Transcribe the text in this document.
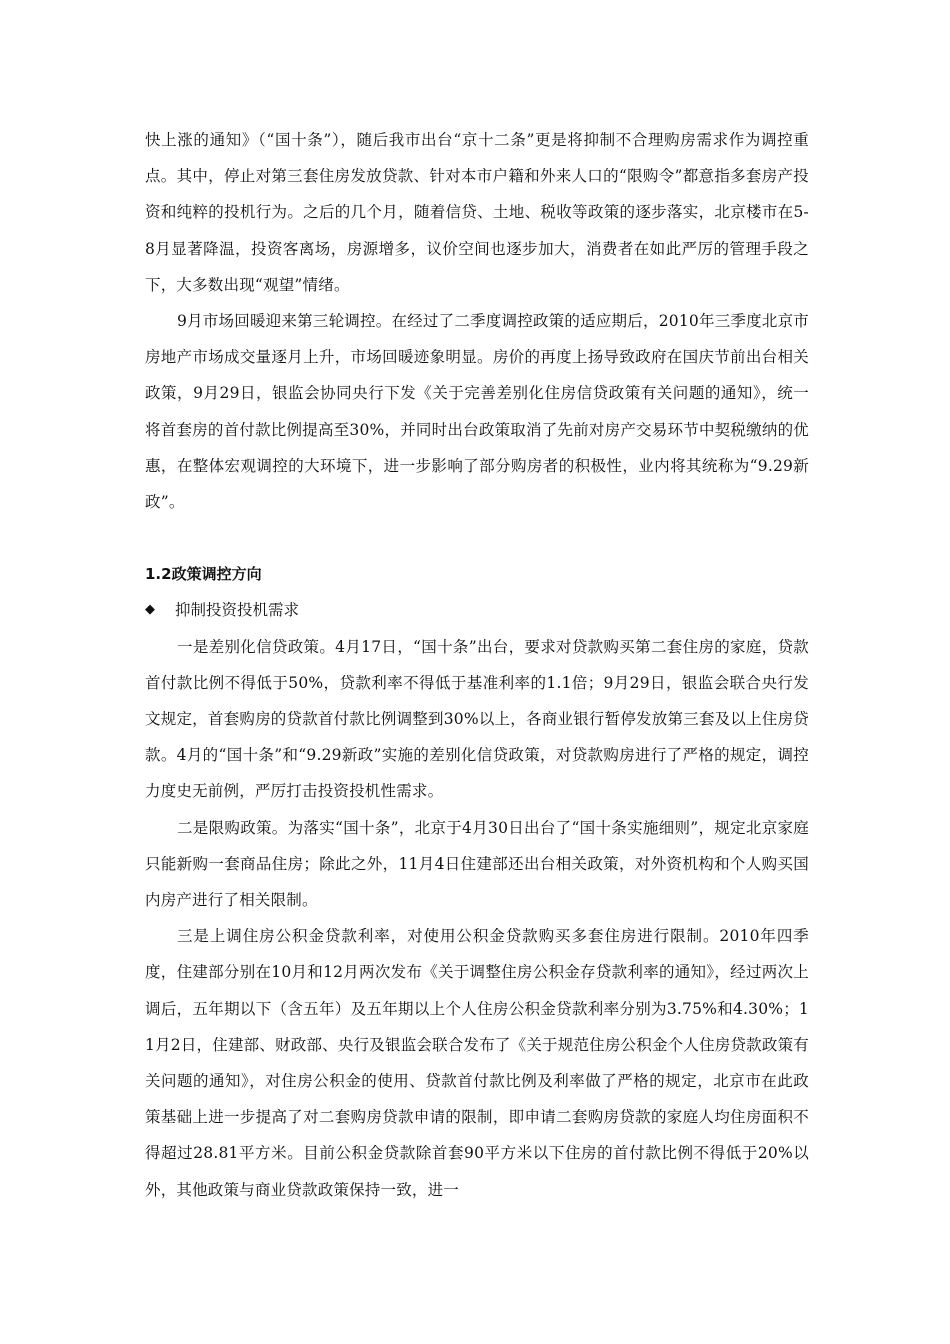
快上涨的通知》（“国十条”），随后我市出台“京十二条”更是将抑制不合理购房需求作为调控重点。其中，停止对第三套住房发放贷款、针对本市户籍和外来人口的“限购令”都意指多套房产投资和纯粹的投机行为。之后的几个月，随着信贷、土地、税收等政策的逐步落实，北京楼市在5-8月显著降温，投资客离场，房源增多，议价空间也逐步加大，消费者在如此严厉的管理手段之下，大多数出现“观望”情绪。

9月市场回暖迎来第三轮调控。在经过了二季度调控政策的适应期后，2010年三季度北京市房地产市场成交量逐月上升，市场回暖迹象明显。房价的再度上扬导致政府在国庆节前出台相关政策，9月29日，银监会协同央行下发《关于完善差别化住房信贷政策有关问题的通知》，统一将首套房的首付款比例提高至30%，并同时出台政策取消了先前对房产交易环节中契税缴纳的优惠，在整体宏观调控的大环境下，进一步影响了部分购房者的积极性，业内将其统称为“9.29新政”。

1.2政策调控方向

◆	抑制投资投机需求

一是差别化信贷政策。4月17日，“国十条”出台，要求对贷款购买第二套住房的家庭，贷款首付款比例不得低于50%，贷款利率不得低于基准利率的1.1倍；9月29日，银监会联合央行发文规定，首套购房的贷款首付款比例调整到30%以上，各商业银行暂停发放第三套及以上住房贷款。4月的“国十条”和“9.29新政”实施的差别化信贷政策，对贷款购房进行了严格的规定，调控力度史无前例，严厉打击投资投机性需求。

二是限购政策。为落实“国十条”，北京于4月30日出台了“国十条实施细则”，规定北京家庭只能新购一套商品住房；除此之外，11月4日住建部还出台相关政策，对外资机构和个人购买国内房产进行了相关限制。

三是上调住房公积金贷款利率，对使用公积金贷款购买多套住房进行限制。2010年四季度，住建部分别在10月和12月两次发布《关于调整住房公积金存贷款利率的通知》，经过两次上调后，五年期以下（含五年）及五年期以上个人住房公积金贷款利率分别为3.75%和4.30%；11月2日，住建部、财政部、央行及银监会联合发布了《关于规范住房公积金个人住房贷款政策有关问题的通知》，对住房公积金的使用、贷款首付款比例及利率做了严格的规定，北京市在此政策基础上进一步提高了对二套购房贷款申请的限制，即申请二套购房贷款的家庭人均住房面积不得超过28.81平方米。目前公积金贷款除首套90平方米以下住房的首付款比例不得低于20%以外，其他政策与商业贷款政策保持一致，进一
